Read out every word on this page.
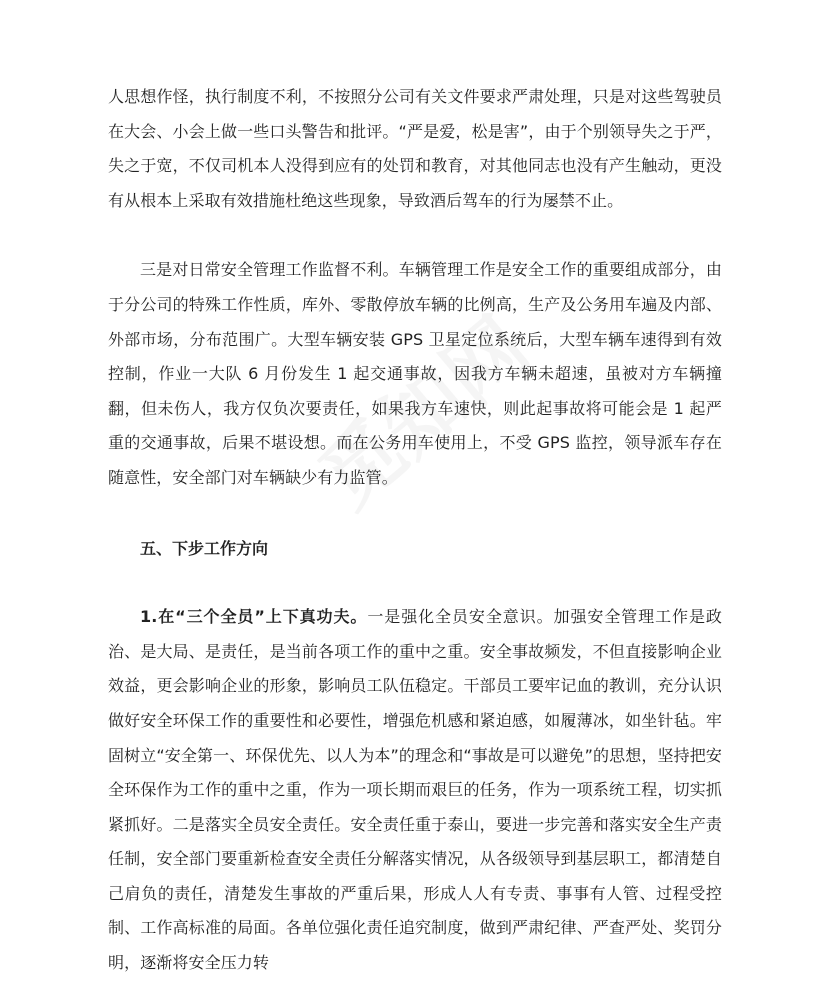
人思想作怪，执行制度不利，不按照分公司有关文件要求严肃处理，只是对这些驾驶员在大会、小会上做一些口头警告和批评。“严是爱，松是害”，由于个别领导失之于严，失之于宽，不仅司机本人没得到应有的处罚和教育，对其他同志也没有产生触动，更没有从根本上采取有效措施杜绝这些现象，导致酒后驾车的行为屡禁不止。

三是对日常安全管理工作监督不利。车辆管理工作是安全工作的重要组成部分，由于分公司的特殊工作性质，库外、零散停放车辆的比例高，生产及公务用车遍及内部、外部市场，分布范围广。大型车辆安装 GPS 卫星定位系统后，大型车辆车速得到有效控制，作业一大队 6 月份发生 1 起交通事故，因我方车辆未超速，虽被对方车辆撞翻，但未伤人，我方仅负次要责任，如果我方车速快，则此起事故将可能会是 1 起严重的交通事故，后果不堪设想。而在公务用车使用上，不受 GPS 监控，领导派车存在随意性，安全部门对车辆缺少有力监管。

五、下步工作方向

1.在“三个全员”上下真功夫。一是强化全员安全意识。加强安全管理工作是政治、是大局、是责任，是当前各项工作的重中之重。安全事故频发，不但直接影响企业效益，更会影响企业的形象，影响员工队伍稳定。干部员工要牢记血的教训，充分认识做好安全环保工作的重要性和必要性，增强危机感和紧迫感，如履薄冰，如坐针毡。牢固树立“安全第一、环保优先、以人为本”的理念和“事故是可以避免”的思想，坚持把安全环保作为工作的重中之重，作为一项长期而艰巨的任务，作为一项系统工程，切实抓紧抓好。二是落实全员安全责任。安全责任重于泰山，要进一步完善和落实安全生产责任制，安全部门要重新检查安全责任分解落实情况，从各级领导到基层职工，都清楚自己肩负的责任，清楚发生事故的严重后果，形成人人有专责、事事有人管、过程受控制、工作高标准的局面。各单位强化责任追究制度，做到严肃纪律、严查严处、奖罚分明，逐渐将安全压力转
